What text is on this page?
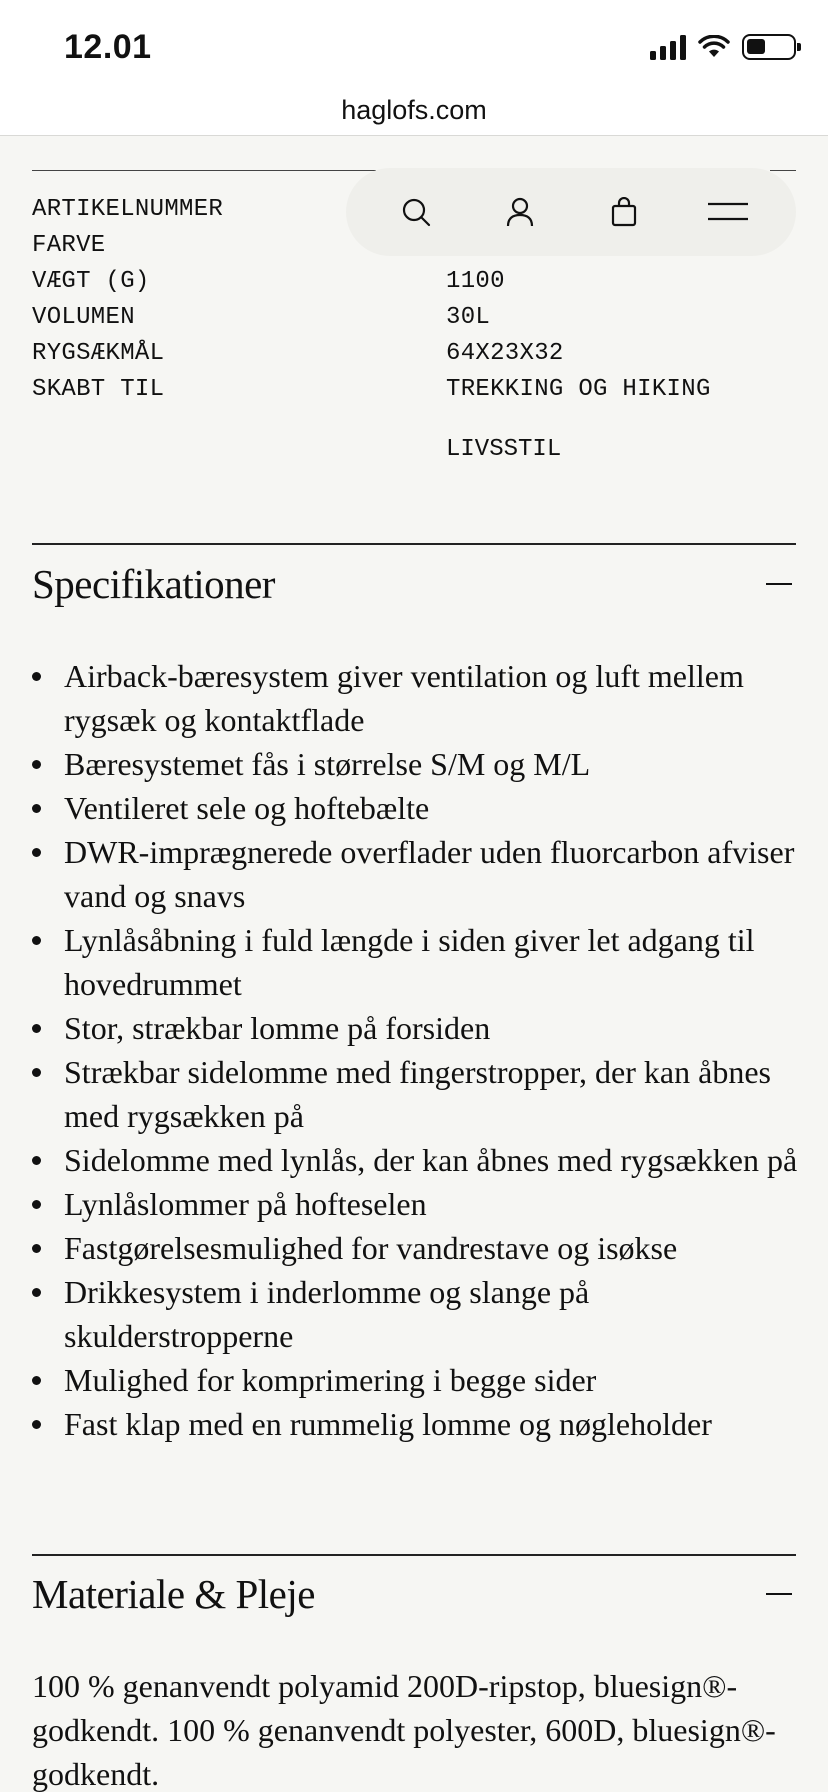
12.01
haglofs.com
ARTIKELNUMMER
FARVE
VÆGT (G)	1100
VOLUMEN	30L
RYGSÆKMÅL	64X23X32
SKABT TIL	TREKKING OG HIKING
LIVSSTIL
Specifikationer
Airback-bæresystem giver ventilation og luft mellem rygsæk og kontaktflade
Bæresystemet fås i størrelse S/M og M/L
Ventileret sele og hoftebælte
DWR-imprægnerede overflader uden fluorcarbon afviser vand og snavs
Lynlåsåbning i fuld længde i siden giver let adgang til hovedrummet
Stor, strækbar lomme på forsiden
Strækbar sidelomme med fingerstropper, der kan åbnes med rygsækken på
Sidelomme med lynlås, der kan åbnes med rygsækken på
Lynlåslommer på hofteselen
Fastgørelsesmulighed for vandrestave og isøkse
Drikkesystem i inderlomme og slange på skulderstropperne
Mulighed for komprimering i begge sider
Fast klap med en rummelig lomme og nøgleholder
Materiale & Pleje
100 % genanvendt polyamid 200D-ripstop, bluesign®-godkendt. 100 % genanvendt polyester, 600D, bluesign®-godkendt.
